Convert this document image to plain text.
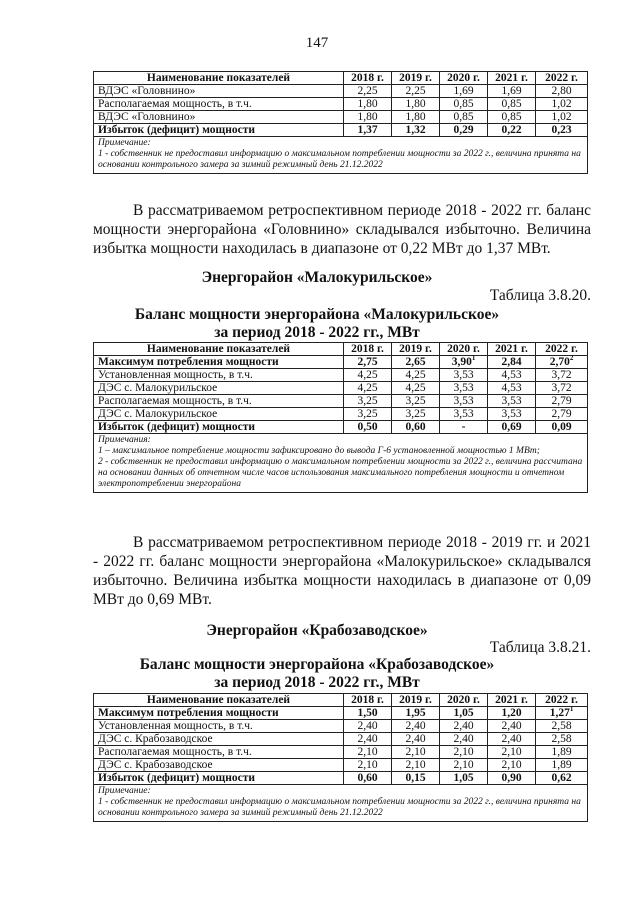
147
Наименование показателей	2018 г.	2019 г.	2020 г.	2021 г.	2022 г.
ВДЭС «Головнино»	2,25	2,25	1,69	1,69	2,80
Располагаемая мощность, в т.ч.	1,80	1,80	0,85	0,85	1,02
ВДЭС «Головнино»	1,80	1,80	0,85	0,85	1,02
Избыток (дефицит) мощности	1,37	1,32	0,29	0,22	0,23

Примечание:
1 - собственник не предоставил информацию о максимальном потреблении мощности за 2022 г., величина принята на основании контрольного замера за зимний режимный день 21.12.2022					
В рассматриваемом ретроспективном периоде 2018 - 2022 гг. баланс мощности энергорайона «Головнино» складывался избыточно. Величина избытка мощности находилась в диапазоне от 0,22 МВт до 1,37 МВт.
Энергорайон «Малокурильское»
Таблица 3.8.20.
Баланс мощности энергорайона «Малокурильское»
за период 2018 - 2022 гг., МВт
Наименование показателей	2018 г.	2019 г.	2020 г.	2021 г.	2022 г.
Максимум потребления мощности	2,75	2,65	3,90$^1$	2,84	2,70$^2$
Установленная мощность, в т.ч.	4,25	4,25	3,53	4,53	3,72
ДЭС с. Малокурильское	4,25	4,25	3,53	4,53	3,72
Располагаемая мощность, в т.ч.	3,25	3,25	3,53	3,53	2,79
ДЭС с. Малокурильское	3,25	3,25	3,53	3,53	2,79
Избыток (дефицит) мощности	0,50	0,60	-	0,69	0,09

Примечания:
1 – максимальное потребление мощности зафиксировано до вывода Г-6 установленной мощностью 1 МВт;
2 - собственник не предоставил информацию о максимальном потреблении мощности за 2022 г., величина рассчитана на основании данных об отчетном числе часов использования максимального потребления мощности и отчетном электропотреблении энергорайона					
В рассматриваемом ретроспективном периоде 2018 - 2019 гг. и 2021 - 2022 гг. баланс мощности энергорайона «Малокурильское» складывался избыточно. Величина избытка мощности находилась в диапазоне от 0,09 МВт до 0,69 МВт.
Энергорайон «Крабозаводское»
Таблица 3.8.21.
Баланс мощности энергорайона «Крабозаводское»
за период 2018 - 2022 гг., МВт
Наименование показателей	2018 г.	2019 г.	2020 г.	2021 г.	2022 г.
Максимум потребления мощности	1,50	1,95	1,05	1,20	1,27$^1$
Установленная мощность, в т.ч.	2,40	2,40	2,40	2,40	2,58
ДЭС с. Крабозаводское	2,40	2,40	2,40	2,40	2,58
Располагаемая мощность, в т.ч.	2,10	2,10	2,10	2,10	1,89
ДЭС с. Крабозаводское	2,10	2,10	2,10	2,10	1,89
Избыток (дефицит) мощности	0,60	0,15	1,05	0,90	0,62

Примечание:
1 - собственник не предоставил информацию о максимальном потреблении мощности за 2022 г., величина принята на основании контрольного замера за зимний режимный день 21.12.2022					
